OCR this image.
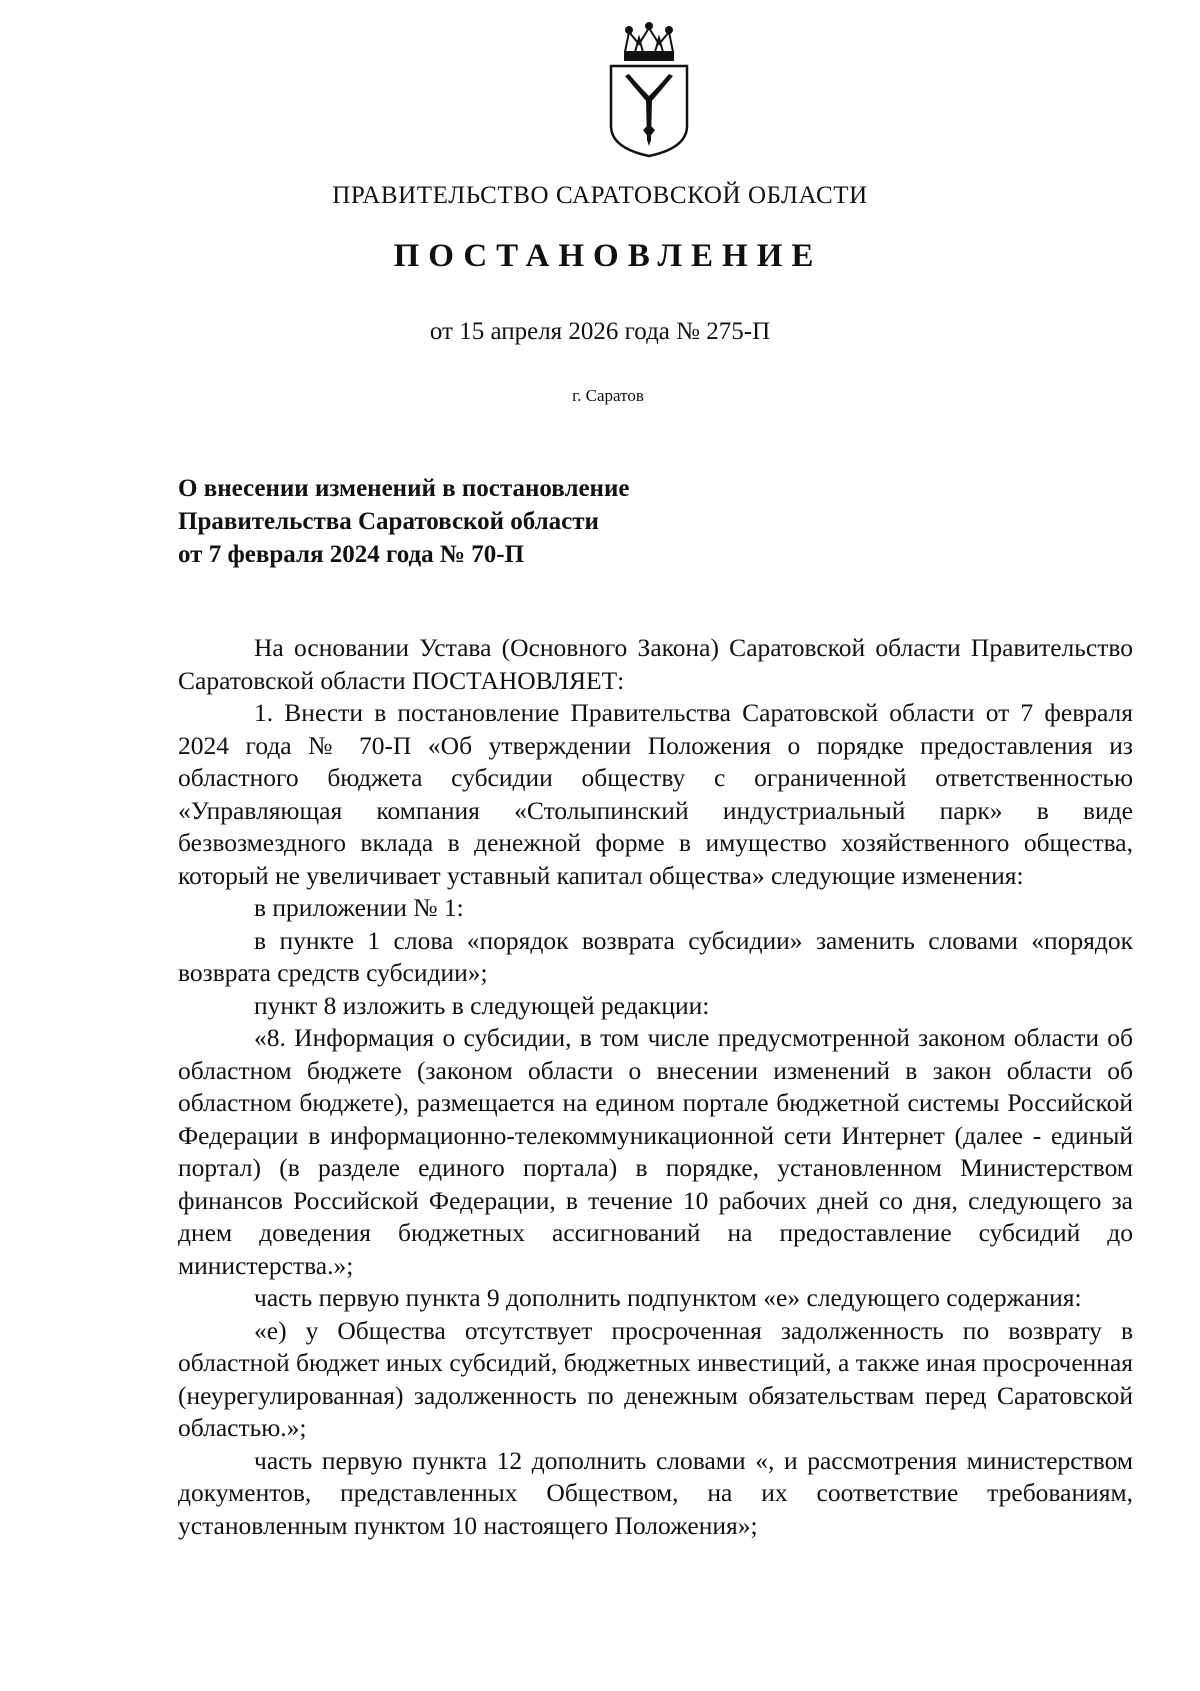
ПРАВИТЕЛЬСТВО САРАТОВСКОЙ ОБЛАСТИ
ПОСТАНОВЛЕНИЕ
от 15 апреля 2026 года № 275-П
г. Саратов
О внесении изменений в постановление
Правительства Саратовской области
от 7 февраля 2024 года № 70-П

На основании Устава (Основного Закона) Саратовской области Правительство Саратовской области ПОСТАНОВЛЯЕТ:

1. Внести в постановление Правительства Саратовской области от 7 февраля 2024 года № 70-П «Об утверждении Положения о порядке предоставления из областного бюджета субсидии обществу с ограниченной ответственностью «Управляющая компания «Столыпинский индустриальный парк» в виде безвозмездного вклада в денежной форме в имущество хозяйственного общества, который не увеличивает уставный капитал общества» следующие изменения:

в приложении № 1:

в пункте 1 слова «порядок возврата субсидии» заменить словами «порядок возврата средств субсидии»;

пункт 8 изложить в следующей редакции:

«8. Информация о субсидии, в том числе предусмотренной законом области об областном бюджете (законом области о внесении изменений в закон области об областном бюджете), размещается на едином портале бюджетной системы Российской Федерации в информационно-телекоммуникационной сети Интернет (далее - единый портал) (в разделе единого портала) в порядке, установленном Министерством финансов Российской Федерации, в течение 10 рабочих дней со дня, следующего за днем доведения бюджетных ассигнований на предоставление субсидий до министерства.»;

часть первую пункта 9 дополнить подпунктом «е» следующего содержания:

«е) у Общества отсутствует просроченная задолженность по возврату в областной бюджет иных субсидий, бюджетных инвестиций, а также иная просроченная (неурегулированная) задолженность по денежным обязательствам перед Саратовской областью.»;

часть первую пункта 12 дополнить словами «, и рассмотрения министерством документов, представленных Обществом, на их соответствие требованиям, установленным пунктом 10 настоящего Положения»;
